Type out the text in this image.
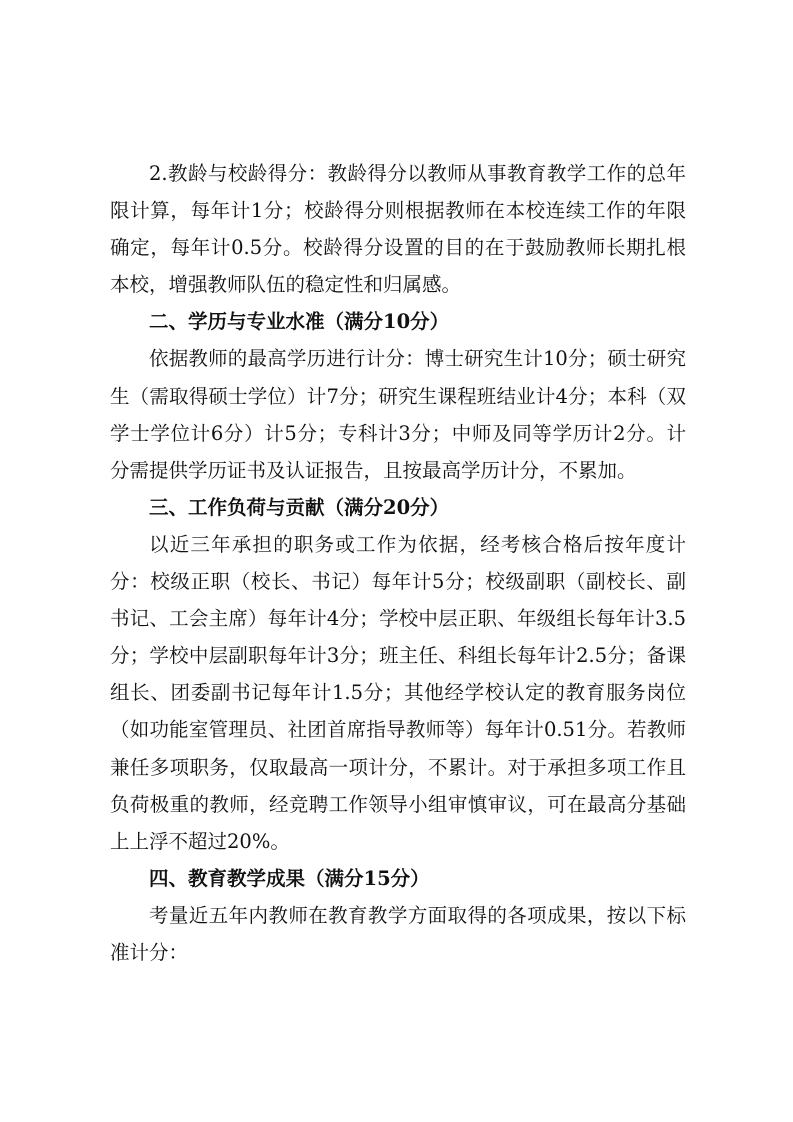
2.教龄与校龄得分：教龄得分以教师从事教育教学工作的总年限计算，每年计1分；校龄得分则根据教师在本校连续工作的年限确定，每年计0.5分。校龄得分设置的目的在于鼓励教师长期扎根本校，增强教师队伍的稳定性和归属感。

二、学历与专业水准（满分10分）

依据教师的最高学历进行计分：博士研究生计10分；硕士研究生（需取得硕士学位）计7分；研究生课程班结业计4分；本科（双学士学位计6分）计5分；专科计3分；中师及同等学历计2分。计分需提供学历证书及认证报告，且按最高学历计分，不累加。

三、工作负荷与贡献（满分20分）

以近三年承担的职务或工作为依据，经考核合格后按年度计分：校级正职（校长、书记）每年计5分；校级副职（副校长、副书记、工会主席）每年计4分；学校中层正职、年级组长每年计3.5分；学校中层副职每年计3分；班主任、科组长每年计2.5分；备课组长、团委副书记每年计1.5分；其他经学校认定的教育服务岗位（如功能室管理员、社团首席指导教师等）每年计0.51分。若教师兼任多项职务，仅取最高一项计分，不累计。对于承担多项工作且负荷极重的教师，经竞聘工作领导小组审慎审议，可在最高分基础上上浮不超过20%。

四、教育教学成果（满分15分）

考量近五年内教师在教育教学方面取得的各项成果，按以下标准计分：
